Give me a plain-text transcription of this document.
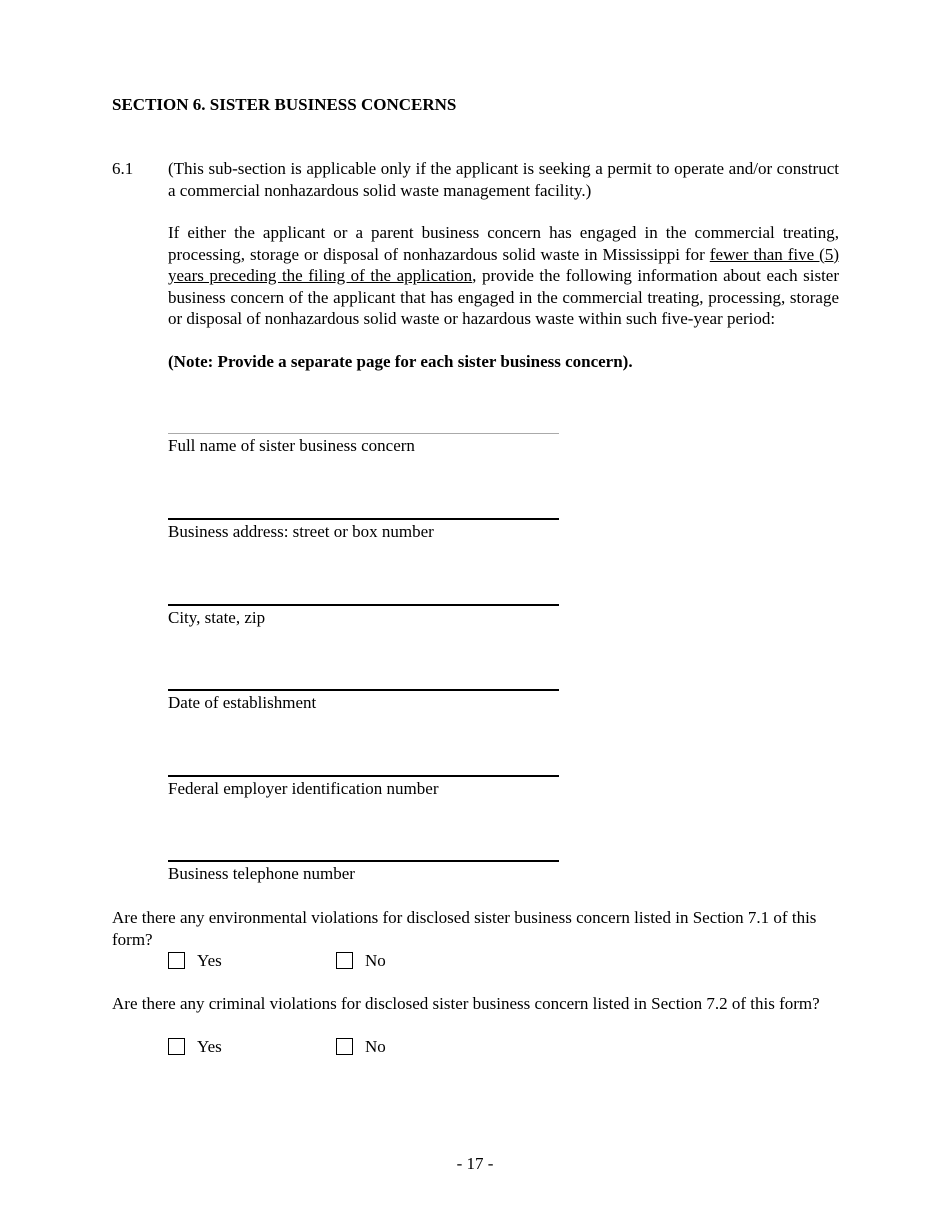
SECTION 6. SISTER BUSINESS CONCERNS
6.1 (This sub-section is applicable only if the applicant is seeking a permit to operate and/or construct a commercial nonhazardous solid waste management facility.)

If either the applicant or a parent business concern has engaged in the commercial treating, processing, storage or disposal of nonhazardous solid waste in Mississippi for fewer than five (5) years preceding the filing of the application, provide the following information about each sister business concern of the applicant that has engaged in the commercial treating, processing, storage or disposal of nonhazardous solid waste or hazardous waste within such five-year period:

(Note: Provide a separate page for each sister business concern).

Full name of sister business concern
Business address: street or box number
City, state, zip
Date of establishment
Federal employer identification number
Business telephone number

Are there any environmental violations for disclosed sister business concern listed in Section 7.1 of this form?

Yes	No

Are there any criminal violations for disclosed sister business concern listed in Section 7.2 of this form?

Yes	No
- 17 -
